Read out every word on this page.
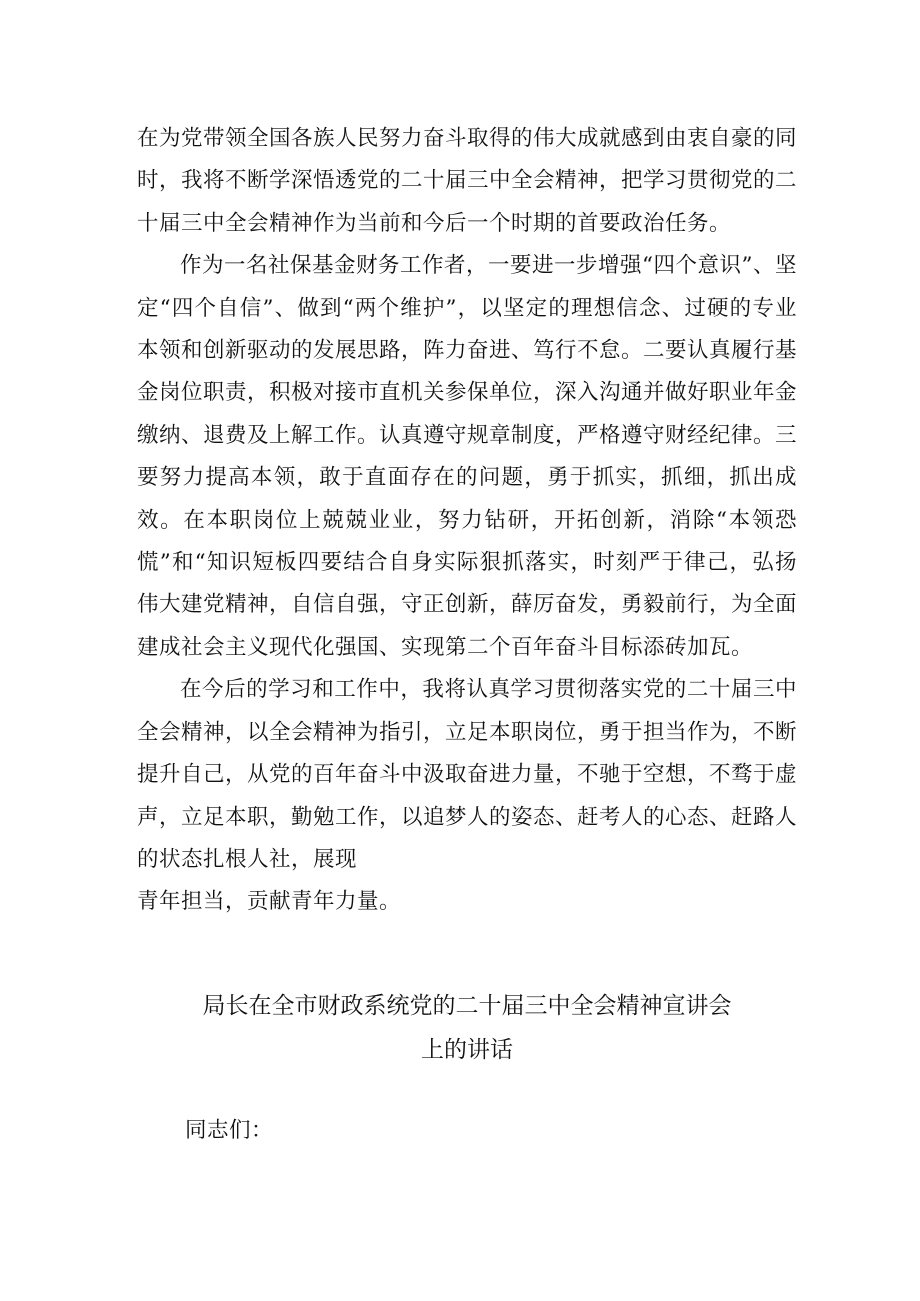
在为党带领全国各族人民努力奋斗取得的伟大成就感到由衷自豪的同时，我将不断学深悟透党的二十届三中全会精神，把学习贯彻党的二十届三中全会精神作为当前和今后一个时期的首要政治任务。

作为一名社保基金财务工作者，一要进一步增强“四个意识”、坚定“四个自信”、做到“两个维护”，以坚定的理想信念、过硬的专业本领和创新驱动的发展思路，阵力奋进、笃行不怠。二要认真履行基金岗位职责，积极对接市直机关参保单位，深入沟通并做好职业年金缴纳、退费及上解工作。认真遵守规章制度，严格遵守财经纪律。三要努力提高本领，敢于直面存在的问题，勇于抓实，抓细，抓出成效。在本职岗位上兢兢业业，努力钻研，开拓创新，消除“本领恐慌”和“知识短板四要结合自身实际狠抓落实，时刻严于律己，弘扬伟大建党精神，自信自强，守正创新，薛厉奋发，勇毅前行，为全面建成社会主义现代化强国、实现第二个百年奋斗目标添砖加瓦。

在今后的学习和工作中，我将认真学习贯彻落实党的二十届三中全会精神，以全会精神为指引，立足本职岗位，勇于担当作为，不断提升自己，从党的百年奋斗中汲取奋进力量，不驰于空想，不骛于虚声，立足本职，勤勉工作，以追梦人的姿态、赶考人的心态、赶路人的状态扎根人社，展现

青年担当，贡献青年力量。

局长在全市财政系统党的二十届三中全会精神宣讲会
上的讲话
同志们：
